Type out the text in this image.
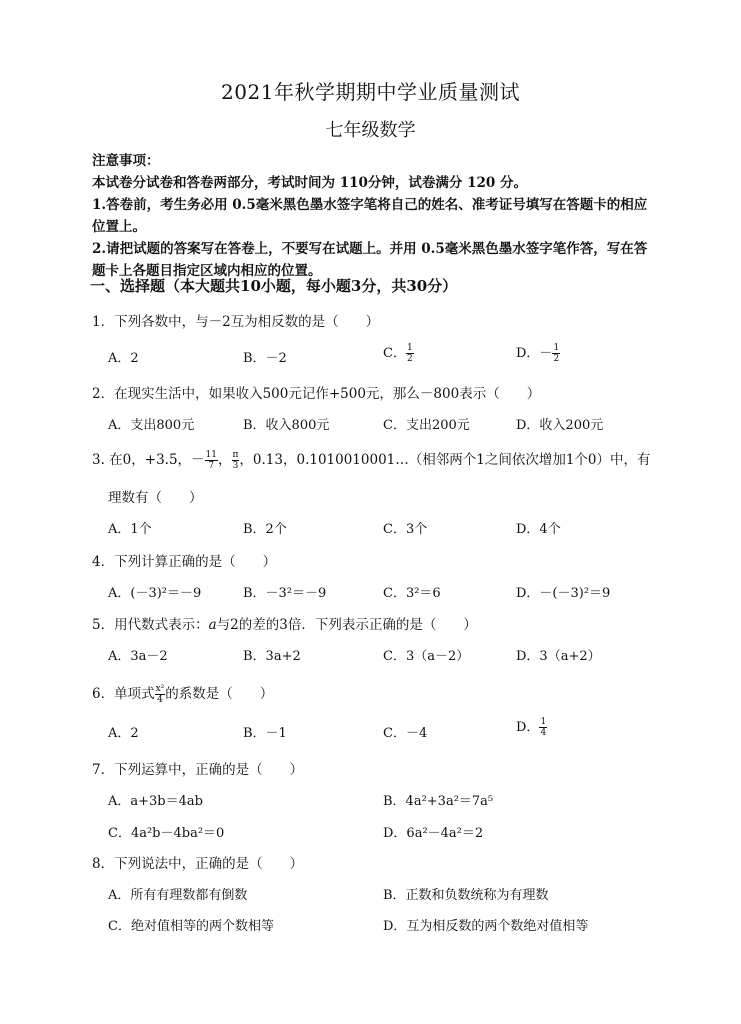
2021年秋学期期中学业质量测试
七年级数学

注意事项：

本试卷分试卷和答卷两部分，考试时间为 110分钟，试卷满分 120 分。

1.答卷前，考生务必用 0.5毫米黑色墨水签字笔将自己的姓名、准考证号填写在答题卡的相应

位置上。

2.请把试题的答案写在答卷上，不要写在试题上。并用 0.5毫米黑色墨水签字笔作答，写在答

题卡上各题目指定区域内相应的位置。

一、选择题（本大题共10小题，每小题3分，共30分）
1．下列各数中，与－2互为相反数的是（　　）
A．2	B．－2	C． $\frac{1}{2}$	D．－ $\frac{1}{2}$
2．在现实生活中，如果收入500元记作+500元，那么－800表示（　　）
A．支出800元	B．收入800元	C．支出200元	D．收入200元
3. 在0，+3.5，－ $\frac{11}{7}$ ， $\frac{\pi}{3}$ ，0.13，0.1010010001…（相邻两个1之间依次增加1个0）中，有
理数有（　　）
A．1个	B．2个	C．3个	D．4个
4．下列计算正确的是（　　）
A．(－3)²＝－9	B．－3²＝－9	C．3²＝6	D．－(－3)²＝9
5．用代数式表示：a与2的差的3倍．下列表示正确的是（　　）
A．3a－2	B．3a+2	C．3（a－2）	D．3（a+2）
6．单项式 $\frac{\text{x²}}{4}$ 的系数是（　　）
A．2	B．－1	C．－4	D． $\frac{1}{4}$
7．下列运算中，正确的是（　　）
A．a+3b＝4ab	B．4a²+3a²＝7a⁵
C．4a²b－4ba²＝0	D．6a²－4a²＝2
8．下列说法中，正确的是（　　）
A．所有有理数都有倒数	B．正数和负数统称为有理数
C．绝对值相等的两个数相等	D．互为相反数的两个数绝对值相等
